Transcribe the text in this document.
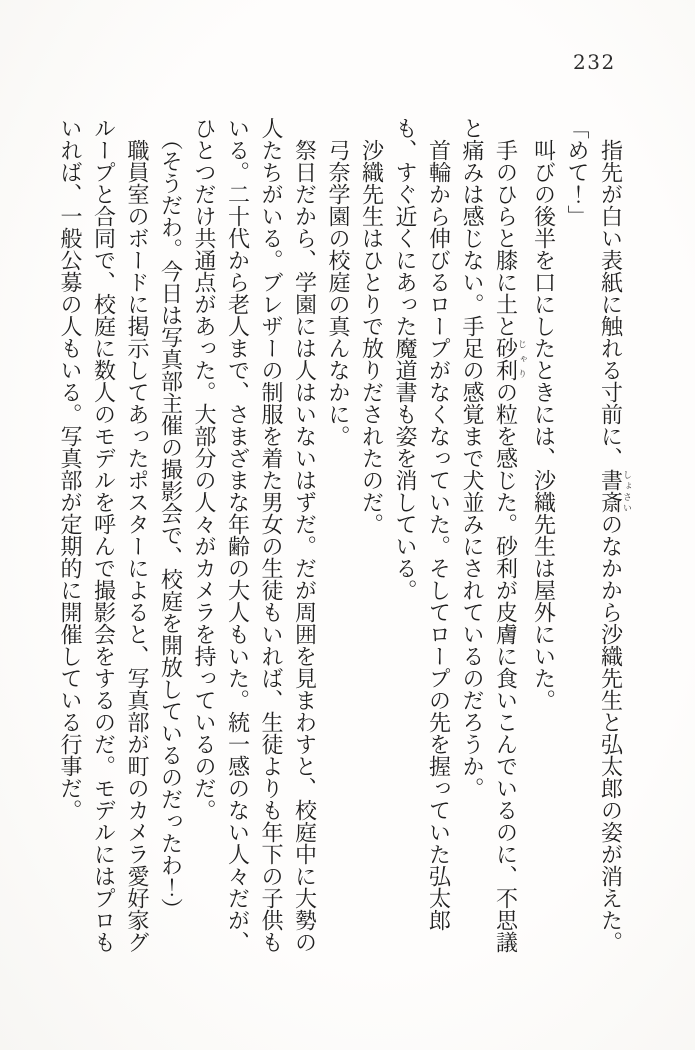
232

　指先が白い表紙に触れる寸前に、書斎しょさいのなかから沙織先生と弘太郎の姿が消えた。

「めて！」

　叫びの後半を口にしたときには、沙織先生は屋外にいた。

　手のひらと膝に土と砂利じゃりの粒を感じた。砂利が皮膚に食いこんでいるのに、不思議と痛みは感じない。手足の感覚まで犬並みにされているのだろうか。

　首輪から伸びるロープがなくなっていた。そしてロープの先を握っていた弘太郎も、すぐ近くにあった魔道書も姿を消している。

　沙織先生はひとりで放りだされたのだ。

　弓奈学園の校庭の真んなかに。

　祭日だから、学園には人はいないはずだ。だが周囲を見まわすと、校庭中に大勢の人たちがいる。ブレザーの制服を着た男女の生徒もいれば、生徒よりも年下の子供もいる。二十代から老人まで、さまざまな年齢の大人もいた。統一感のない人々だが、ひとつだけ共通点があった。大部分の人々がカメラを持っているのだ。

　（そうだわ。今日は写真部主催の撮影会で、校庭を開放しているのだったわ！）

　職員室のボードに掲示してあったポスターによると、写真部が町のカメラ愛好家グループと合同で、校庭に数人のモデルを呼んで撮影会をするのだ。モデルにはプロもいれば、一般公募の人もいる。写真部が定期的に開催している行事だ。
